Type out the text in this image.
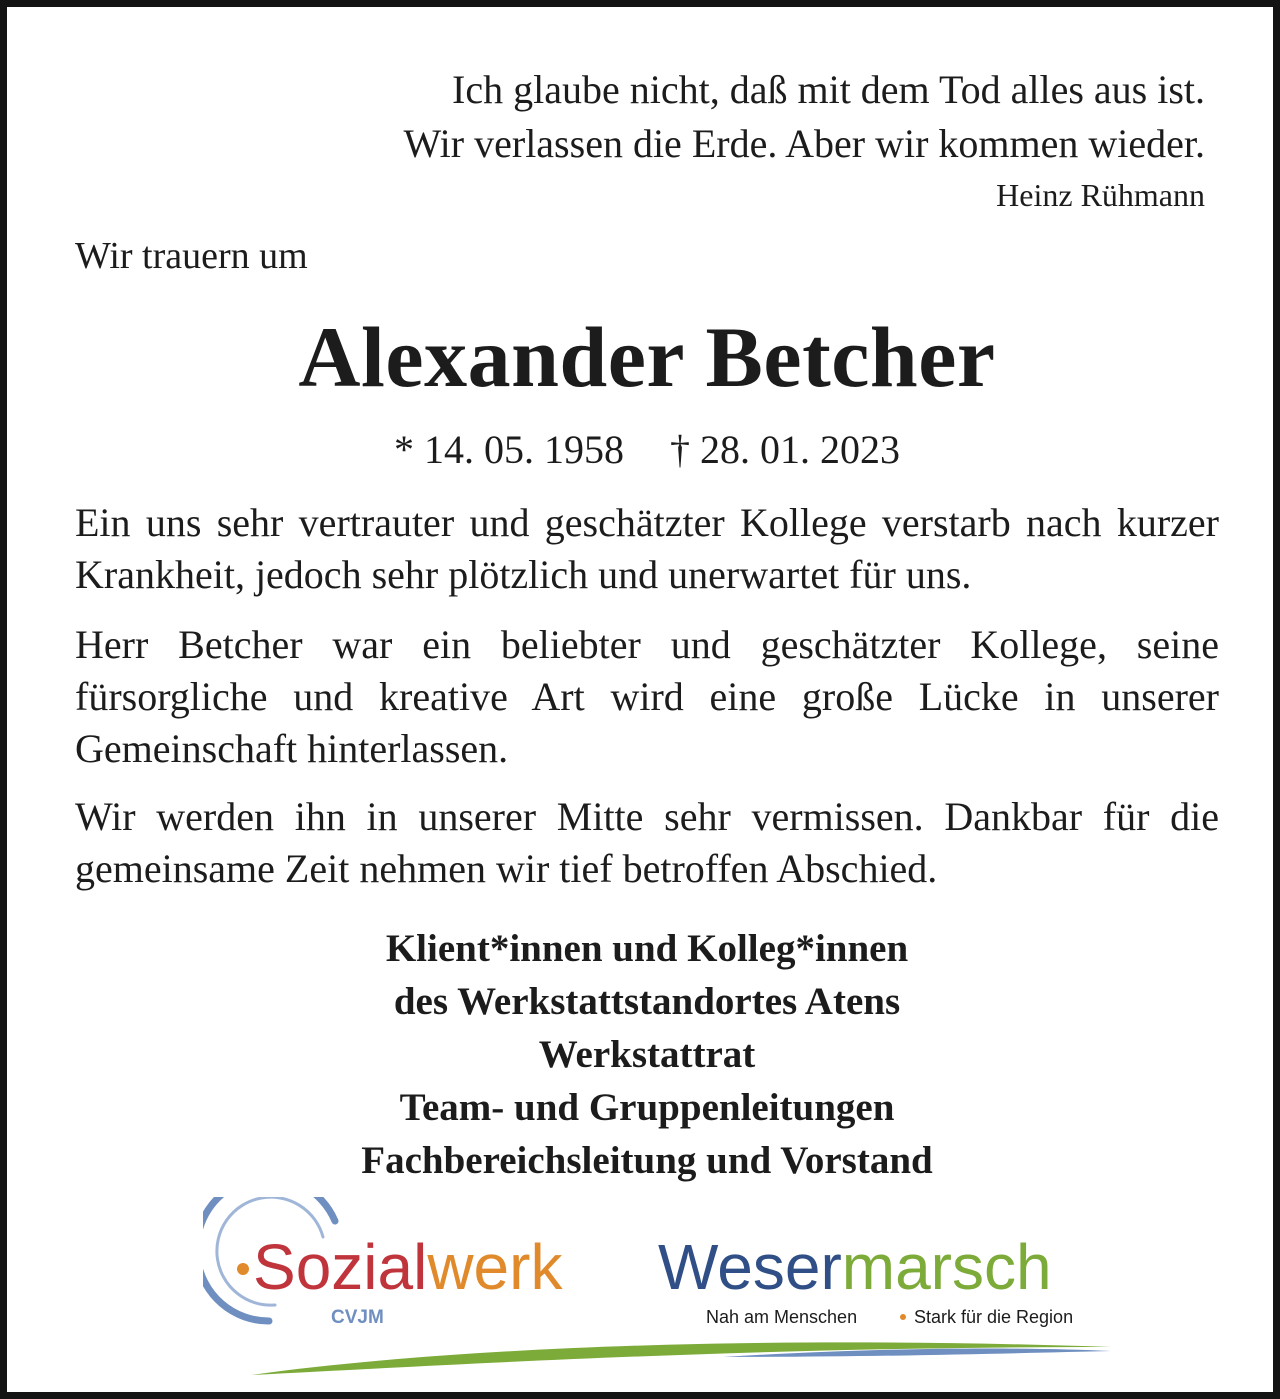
Ich glaube nicht, daß mit dem Tod alles aus ist.

Wir verlassen die Erde. Aber wir kommen wieder.

Heinz Rühmann

Wir trauern um

Alexander Betcher
* 14. 05. 1958 † 28. 01. 2023

Ein uns sehr vertrauter und geschätzter Kollege verstarb nach kurzer Krankheit, jedoch sehr plötzlich und unerwartet für uns.

Herr Betcher war ein beliebter und geschätzter Kollege, seine fürsorgliche und kreative Art wird eine große Lücke in unserer Gemeinschaft hinterlassen.

Wir werden ihn in unserer Mitte sehr vermissen. Dankbar für die gemeinsame Zeit nehmen wir tief betroffen Abschied.

Klient*innen und Kolleg*innen
des Werkstattstandortes Atens
Werkstattrat
Team- und Gruppenleitungen
Fachbereichsleitung und Vorstand
Sozialwerk Wesermarsch
CVJM	Nah am Menschen	Stark für die Region
